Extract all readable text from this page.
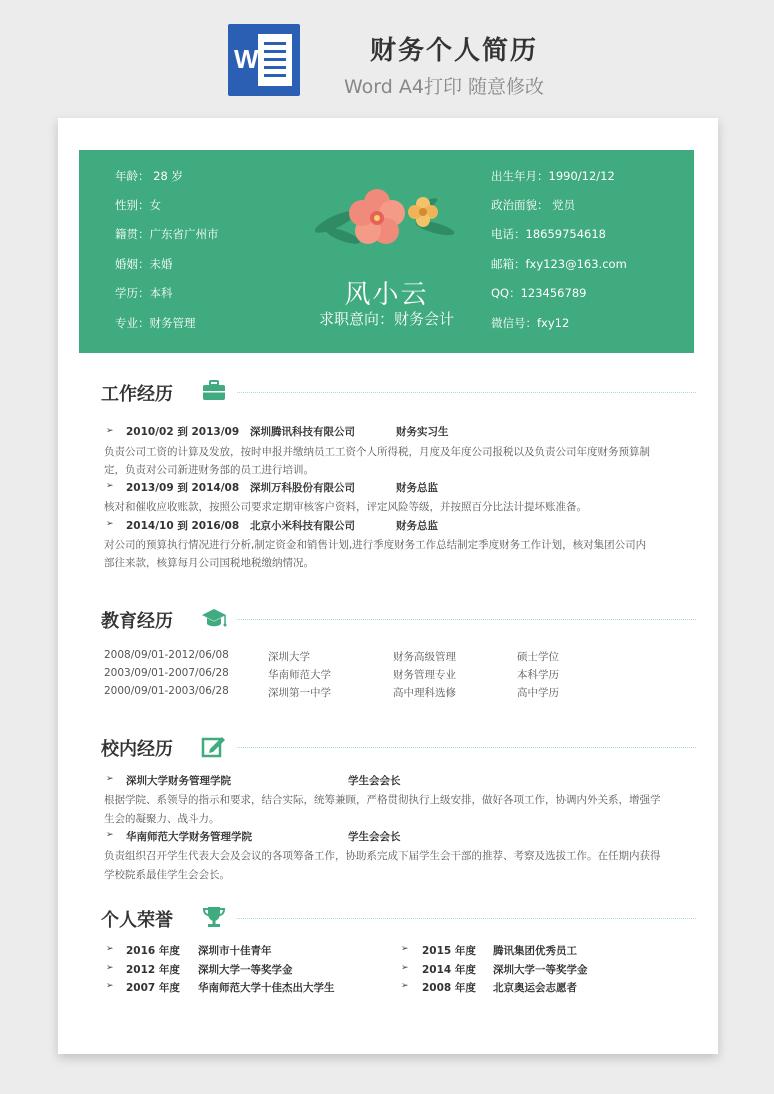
W	财务个人简历
Word A4打印 随意修改
年龄： 28 岁
性别：女
籍贯：广东省广州市
婚姻：未婚
学历：本科
专业：财务管理
出生年月：1990/12/12
政治面貌： 党员
电话：18659754618
邮箱：fxy123@163.com
QQ：123456789
微信号：fxy12
风小云
求职意向：财务会计
工作经历
➢ 2010/02 到 2013/09 深圳腾讯科技有限公司	财务实习生
负责公司工资的计算及发放，按时申报并缴纳员工工资个人所得税，月度及年度公司报税以及负责公司年度财务预算制
定，负责对公司新进财务部的员工进行培训。
➢ 2013/09 到 2014/08 深圳万科股份有限公司	财务总监
核对和催收应收账款，按照公司要求定期审核客户资料，评定风险等级，并按照百分比法计提坏账准备。
➢ 2014/10 到 2016/08 北京小米科技有限公司	财务总监
对公司的预算执行情况进行分析,制定资金和销售计划,进行季度财务工作总结制定季度财务工作计划，核对集团公司内
部往来款，核算每月公司国税地税缴纳情况。
教育经历
2008/09/01-2012/06/08	深圳大学	财务高级管理	硕士学位
2003/09/01-2007/06/28	华南师范大学	财务管理专业	本科学历
2000/09/01-2003/06/28	深圳第一中学	高中理科选修	高中学历
校内经历
➢ 深圳大学财务管理学院	学生会会长
根据学院、系领导的指示和要求，结合实际，统筹兼顾，严格贯彻执行上级安排，做好各项工作，协调内外关系，增强学
生会的凝聚力、战斗力。
➢ 华南师范大学财务管理学院	学生会会长
负责组织召开学生代表大会及会议的各项筹备工作，协助系完成下届学生会干部的推荐、考察及选拔工作。在任期内获得
学校院系最佳学生会会长。
个人荣誉
➢ 2016 年度 深圳市十佳青年	➢ 2015 年度 腾讯集团优秀员工
➢ 2012 年度 深圳大学一等奖学金	➢ 2014 年度 深圳大学一等奖学金
➢ 2007 年度 华南师范大学十佳杰出大学生	➢ 2008 年度 北京奥运会志愿者
